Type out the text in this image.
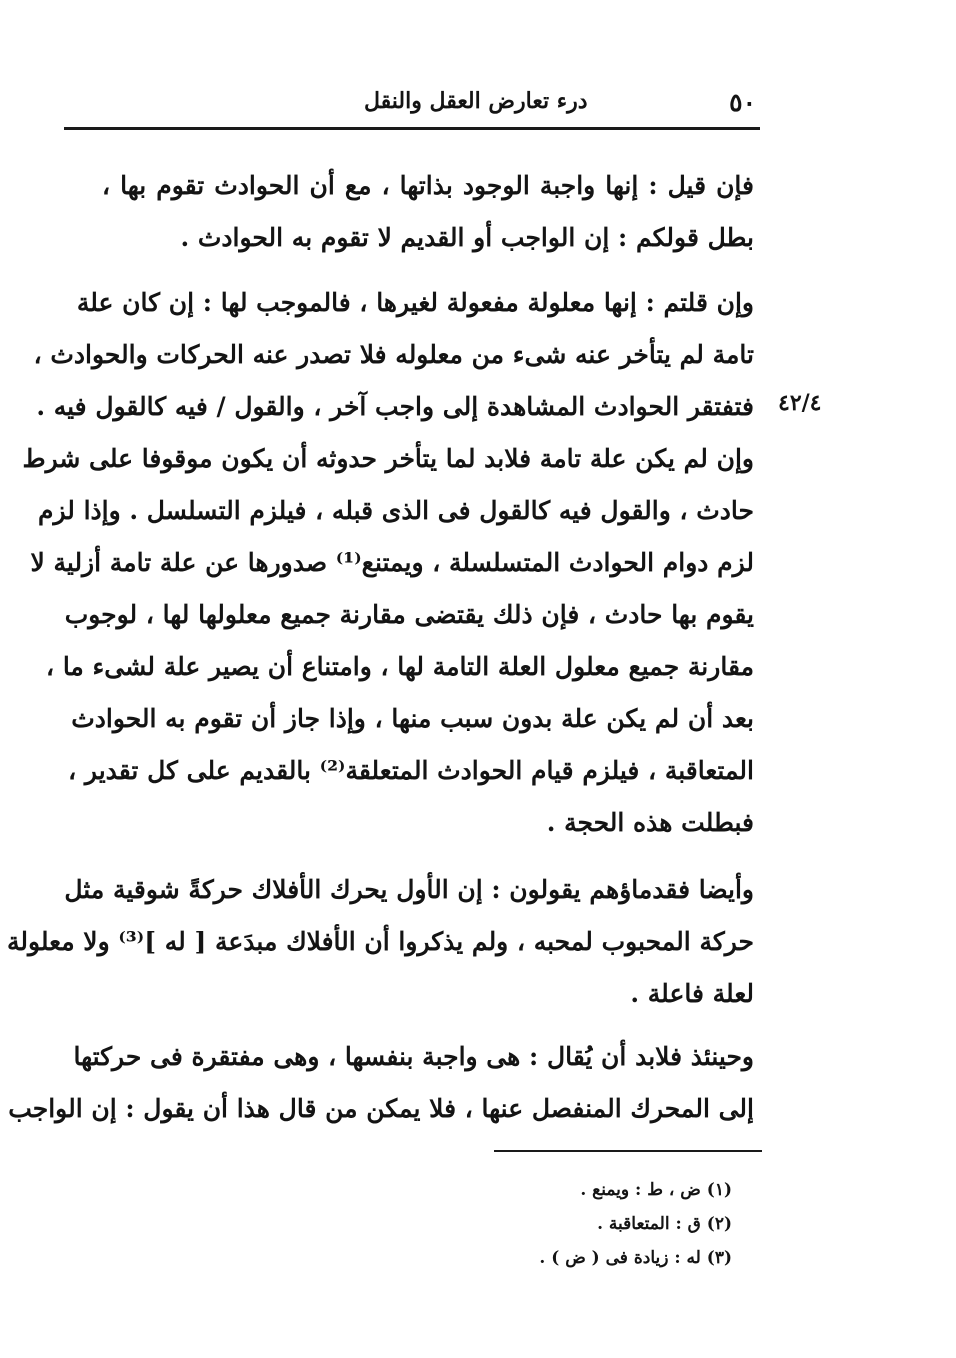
درء تعارض العقل والنقل	٥٠
فإن قيل : إنها واجبة الوجود بذاتها ، مع أن الحوادث تقوم بها ،
بطل قولكم : إن الواجب أو القديم لا تقوم به الحوادث .
وإن قلتم : إنها معلولة مفعولة لغيرها ، فالموجب لها : إن كان علة
تامة لم يتأخر عنه شىء من معلوله فلا تصدر عنه الحركات والحوادث ،
فتفتقر الحوادث المشاهدة إلى واجب آخر ، والقول / فيه كالقول فيه .
وإن لم يكن علة تامة فلابد لما يتأخر حدوثه أن يكون موقوفا على شرط
حادث ، والقول فيه كالقول فى الذى قبله ، فيلزم التسلسل . وإذا لزم
لزم دوام الحوادث المتسلسلة ، ويمتنع⁽¹⁾ صدورها عن علة تامة أزلية لا
يقوم بها حادث ، فإن ذلك يقتضى مقارنة جميع معلولها لها ، لوجوب
مقارنة جميع معلول العلة التامة لها ، وامتناع أن يصير علة لشىء ما ،
بعد أن لم يكن علة بدون سبب منها ، وإذا جاز أن تقوم به الحوادث
المتعاقبة ، فيلزم قيام الحوادث المتعلقة⁽²⁾ بالقديم على كل تقدير ،
فبطلت هذه الحجة .
٤٢/٤
وأيضا فقدماؤهم يقولون : إن الأول يحرك الأفلاك حركةً شوقية مثل
حركة المحبوب لمحبه ، ولم يذكروا أن الأفلاك مبدَعة [ له ]⁽³⁾ ولا معلولة
لعلة فاعلة .
وحينئذ فلابد أن يُقال : هى واجبة بنفسها ، وهى مفتقرة فى حركتها
إلى المحرك المنفصل عنها ، فلا يمكن من قال هذا أن يقول : إن الواجب
(١) ض ، ط : ويمنع .
(٢) ق : المتعاقبة .
(٣) له : زيادة فى ( ض ) .
